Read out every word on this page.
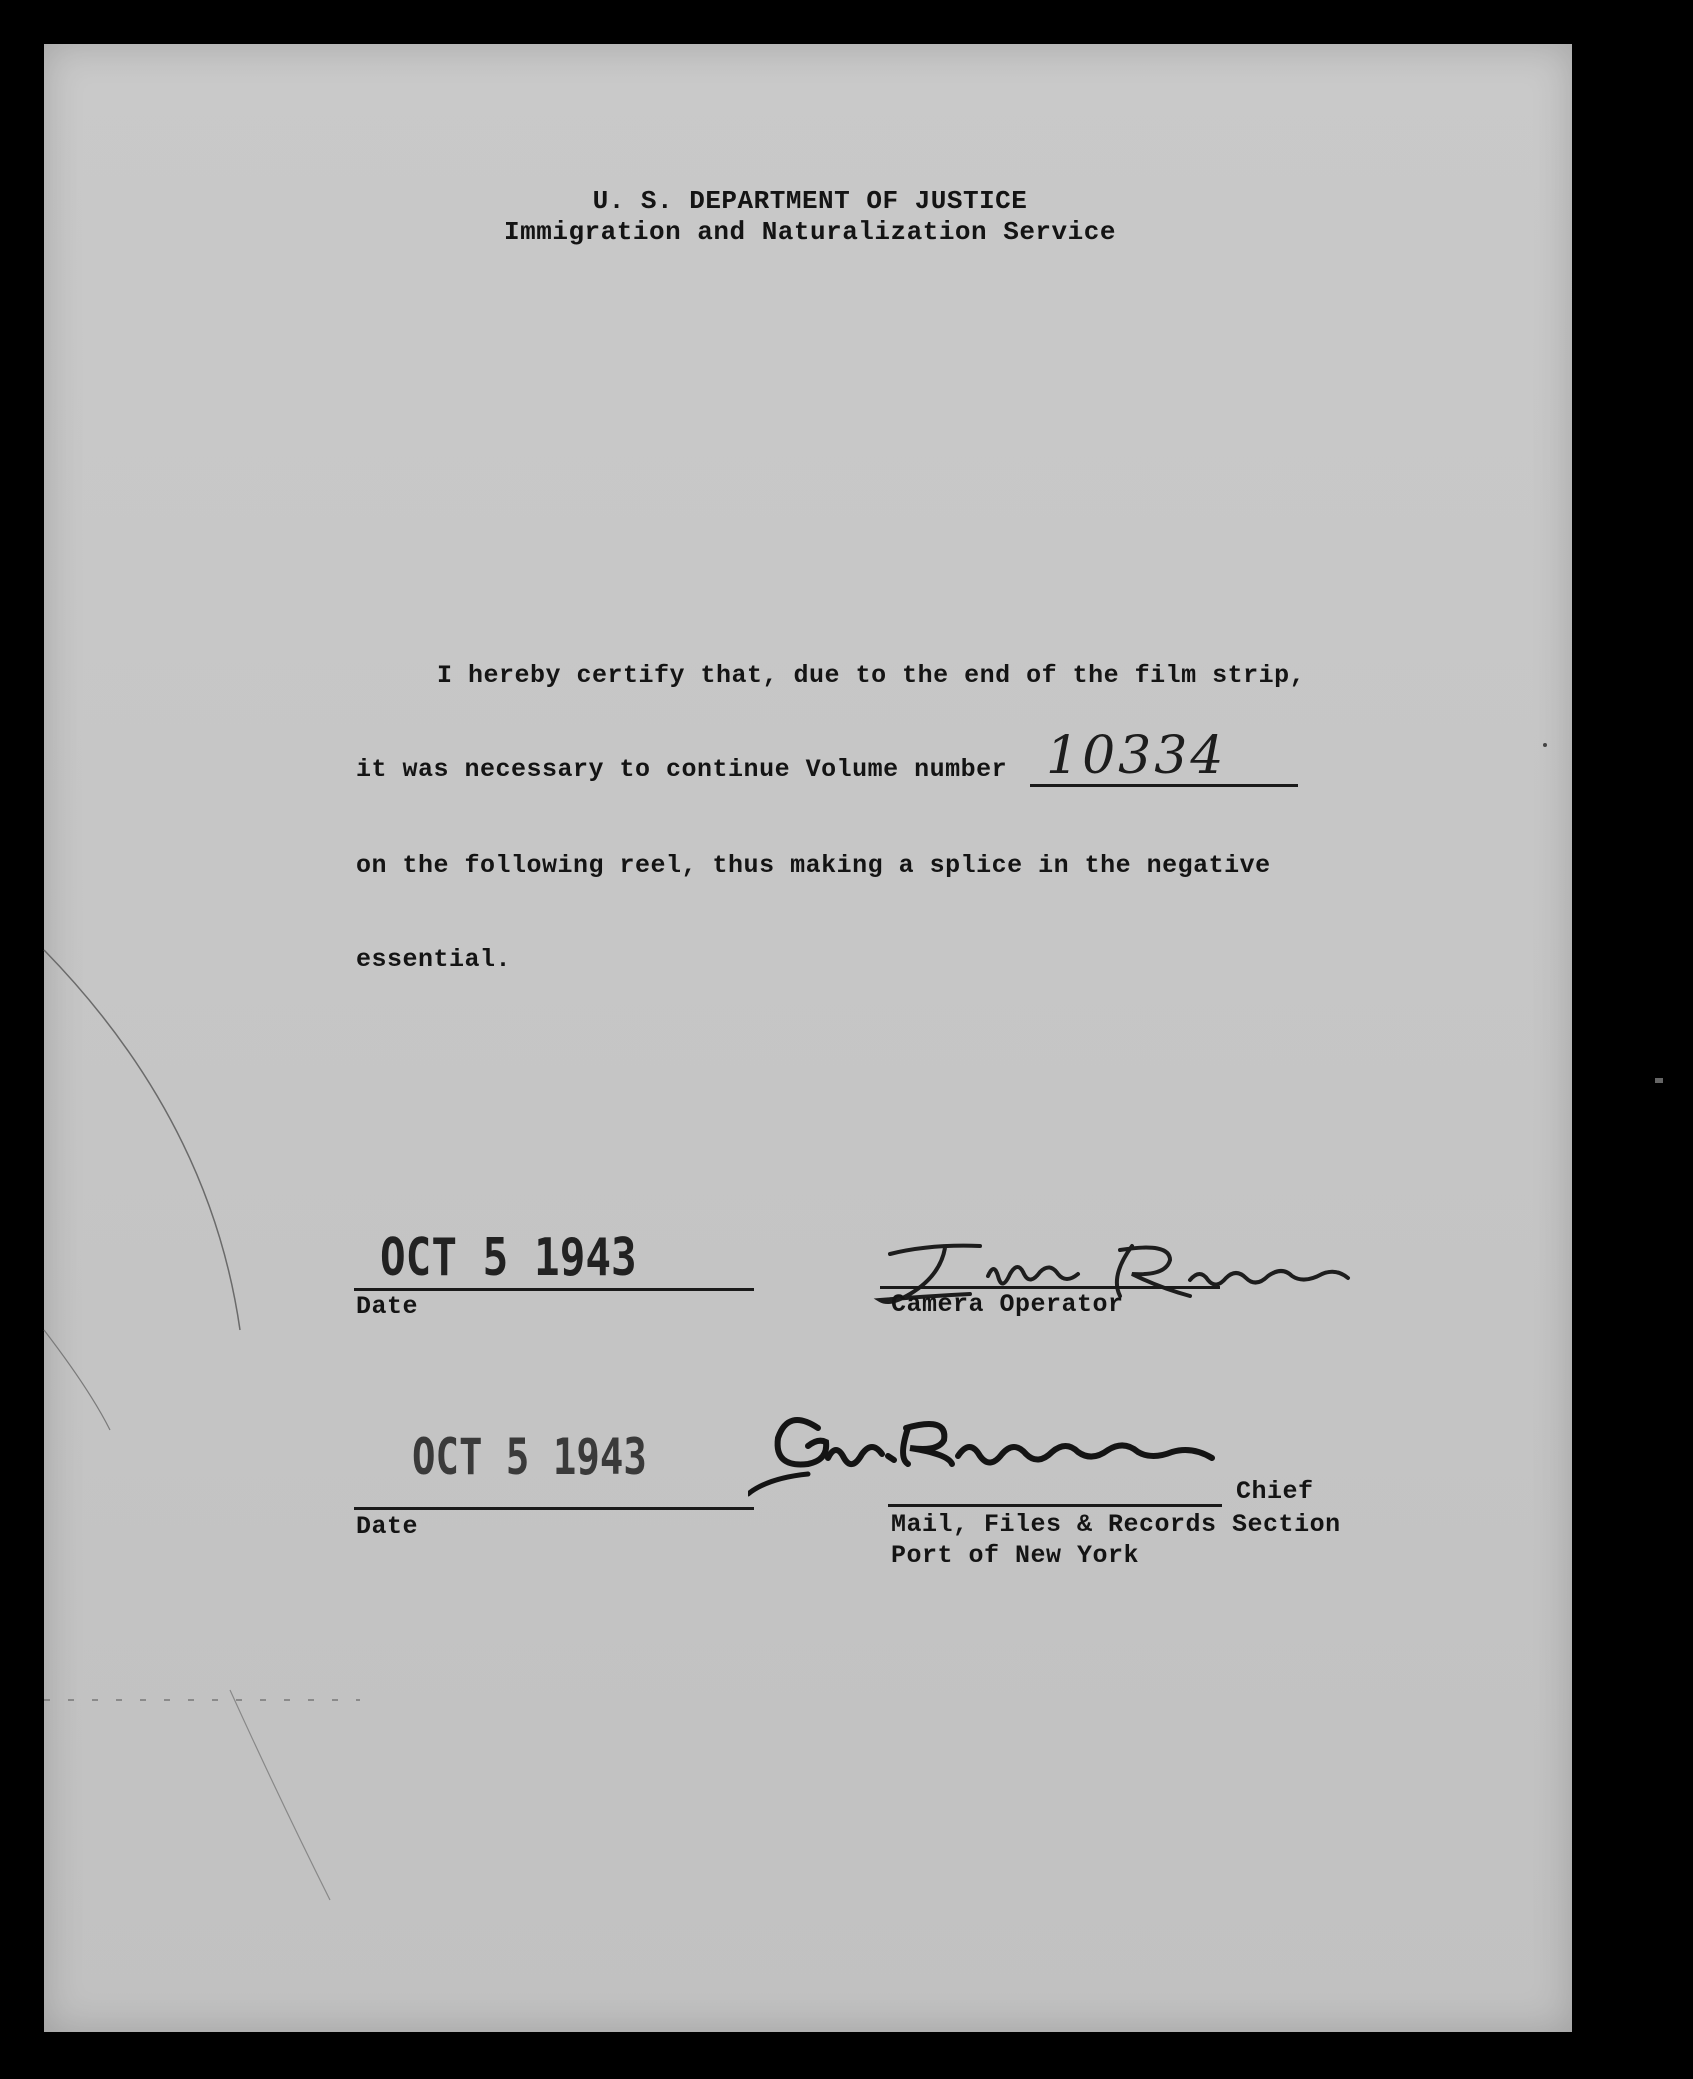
U. S. DEPARTMENT OF JUSTICE
Immigration and Naturalization Service
I hereby certify that, due to the end of the film strip,
it was necessary to continue Volume number 10334
on the following reel, thus making a splice in the negative
essential.
OCT 5 1943
Date	Camera Operator
OCT 5 1943
Date
Chief
Mail, Files & Records Section
Port of New York
